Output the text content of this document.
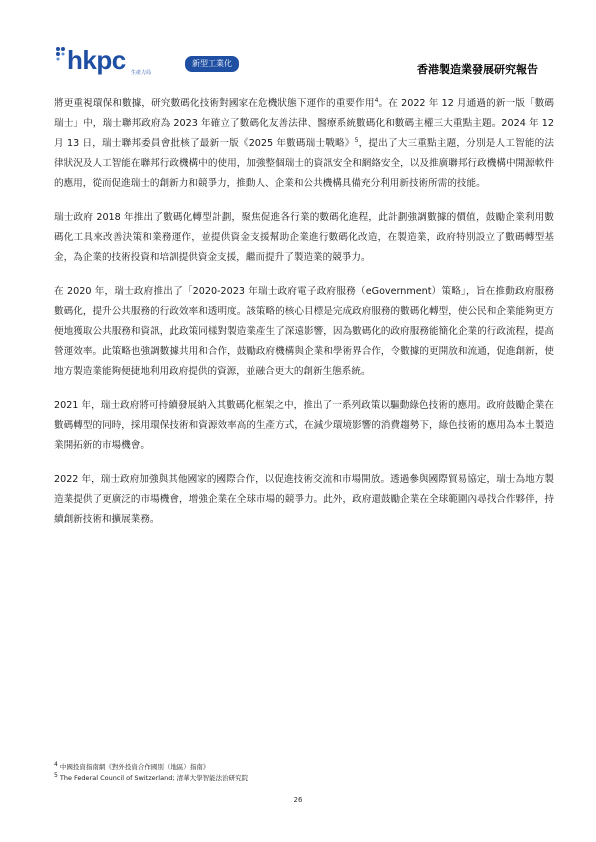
hkpc 生產力局
新型工業化	香港製造業發展研究報告

將更重視環保和數據，研究數碼化技術對國家在危機狀態下運作的重要作用$^4$。在 2022 年 12 月通過的新一版「數碼瑞士」中，瑞士聯邦政府為 2023 年確立了數碼化友善法律、醫療系統數碼化和數碼主權三大重點主題。2024 年 12 月 13 日，瑞士聯邦委員會批核了最新一版《2025 年數碼瑞士戰略》$^5$，提出了大三重點主題，分別是人工智能的法律狀況及人工智能在聯邦行政機構中的使用，加強整個瑞士的資訊安全和網絡安全，以及推廣聯邦行政機構中開源軟件的應用，從而促進瑞士的創新力和競爭力，推動人、企業和公共機構具備充分利用新技術所需的技能。

瑞士政府 2018 年推出了數碼化轉型計劃，聚焦促進各行業的數碼化進程，此計劃強調數據的價值，鼓勵企業利用數碼化工具來改善決策和業務運作，並提供資金支援幫助企業進行數碼化改造，在製造業，政府特別設立了數碼轉型基金，為企業的技術投資和培訓提供資金支援，繼而提升了製造業的競爭力。

在 2020 年，瑞士政府推出了「2020-2023 年瑞士政府電子政府服務（eGovernment）策略」，旨在推動政府服務數碼化，提升公共服務的行政效率和透明度。該策略的核心目標是完成政府服務的數碼化轉型，使公民和企業能夠更方便地獲取公共服務和資訊，此政策同樣對製造業產生了深遠影響，因為數碼化的政府服務能簡化企業的行政流程，提高營運效率。此策略也強調數據共用和合作，鼓勵政府機構與企業和學術界合作，令數據的更開放和流通，促進創新，使地方製造業能夠便捷地利用政府提供的資源，並融合更大的創新生態系統。

2021 年，瑞士政府將可持續發展納入其數碼化框架之中，推出了一系列政策以驅動綠色技術的應用。政府鼓勵企業在數碼轉型的同時，採用環保技術和資源效率高的生產方式，在減少環境影響的消費趨勢下，綠色技術的應用為本土製造業開拓新的市場機會。

2022 年，瑞士政府加強與其他國家的國際合作，以促進技術交流和市場開放。透過參與國際貿易協定，瑞士為地方製造業提供了更廣泛的市場機會，增強企業在全球市場的競爭力。此外，政府還鼓勵企業在全球範圍內尋找合作夥伴，持續創新技術和擴展業務。

$^4$ 中國投資指南網《對外投資合作國別（地區）指南》
$^5$ The Federal Council of Switzerland; 清華大學智能法治研究院
26
